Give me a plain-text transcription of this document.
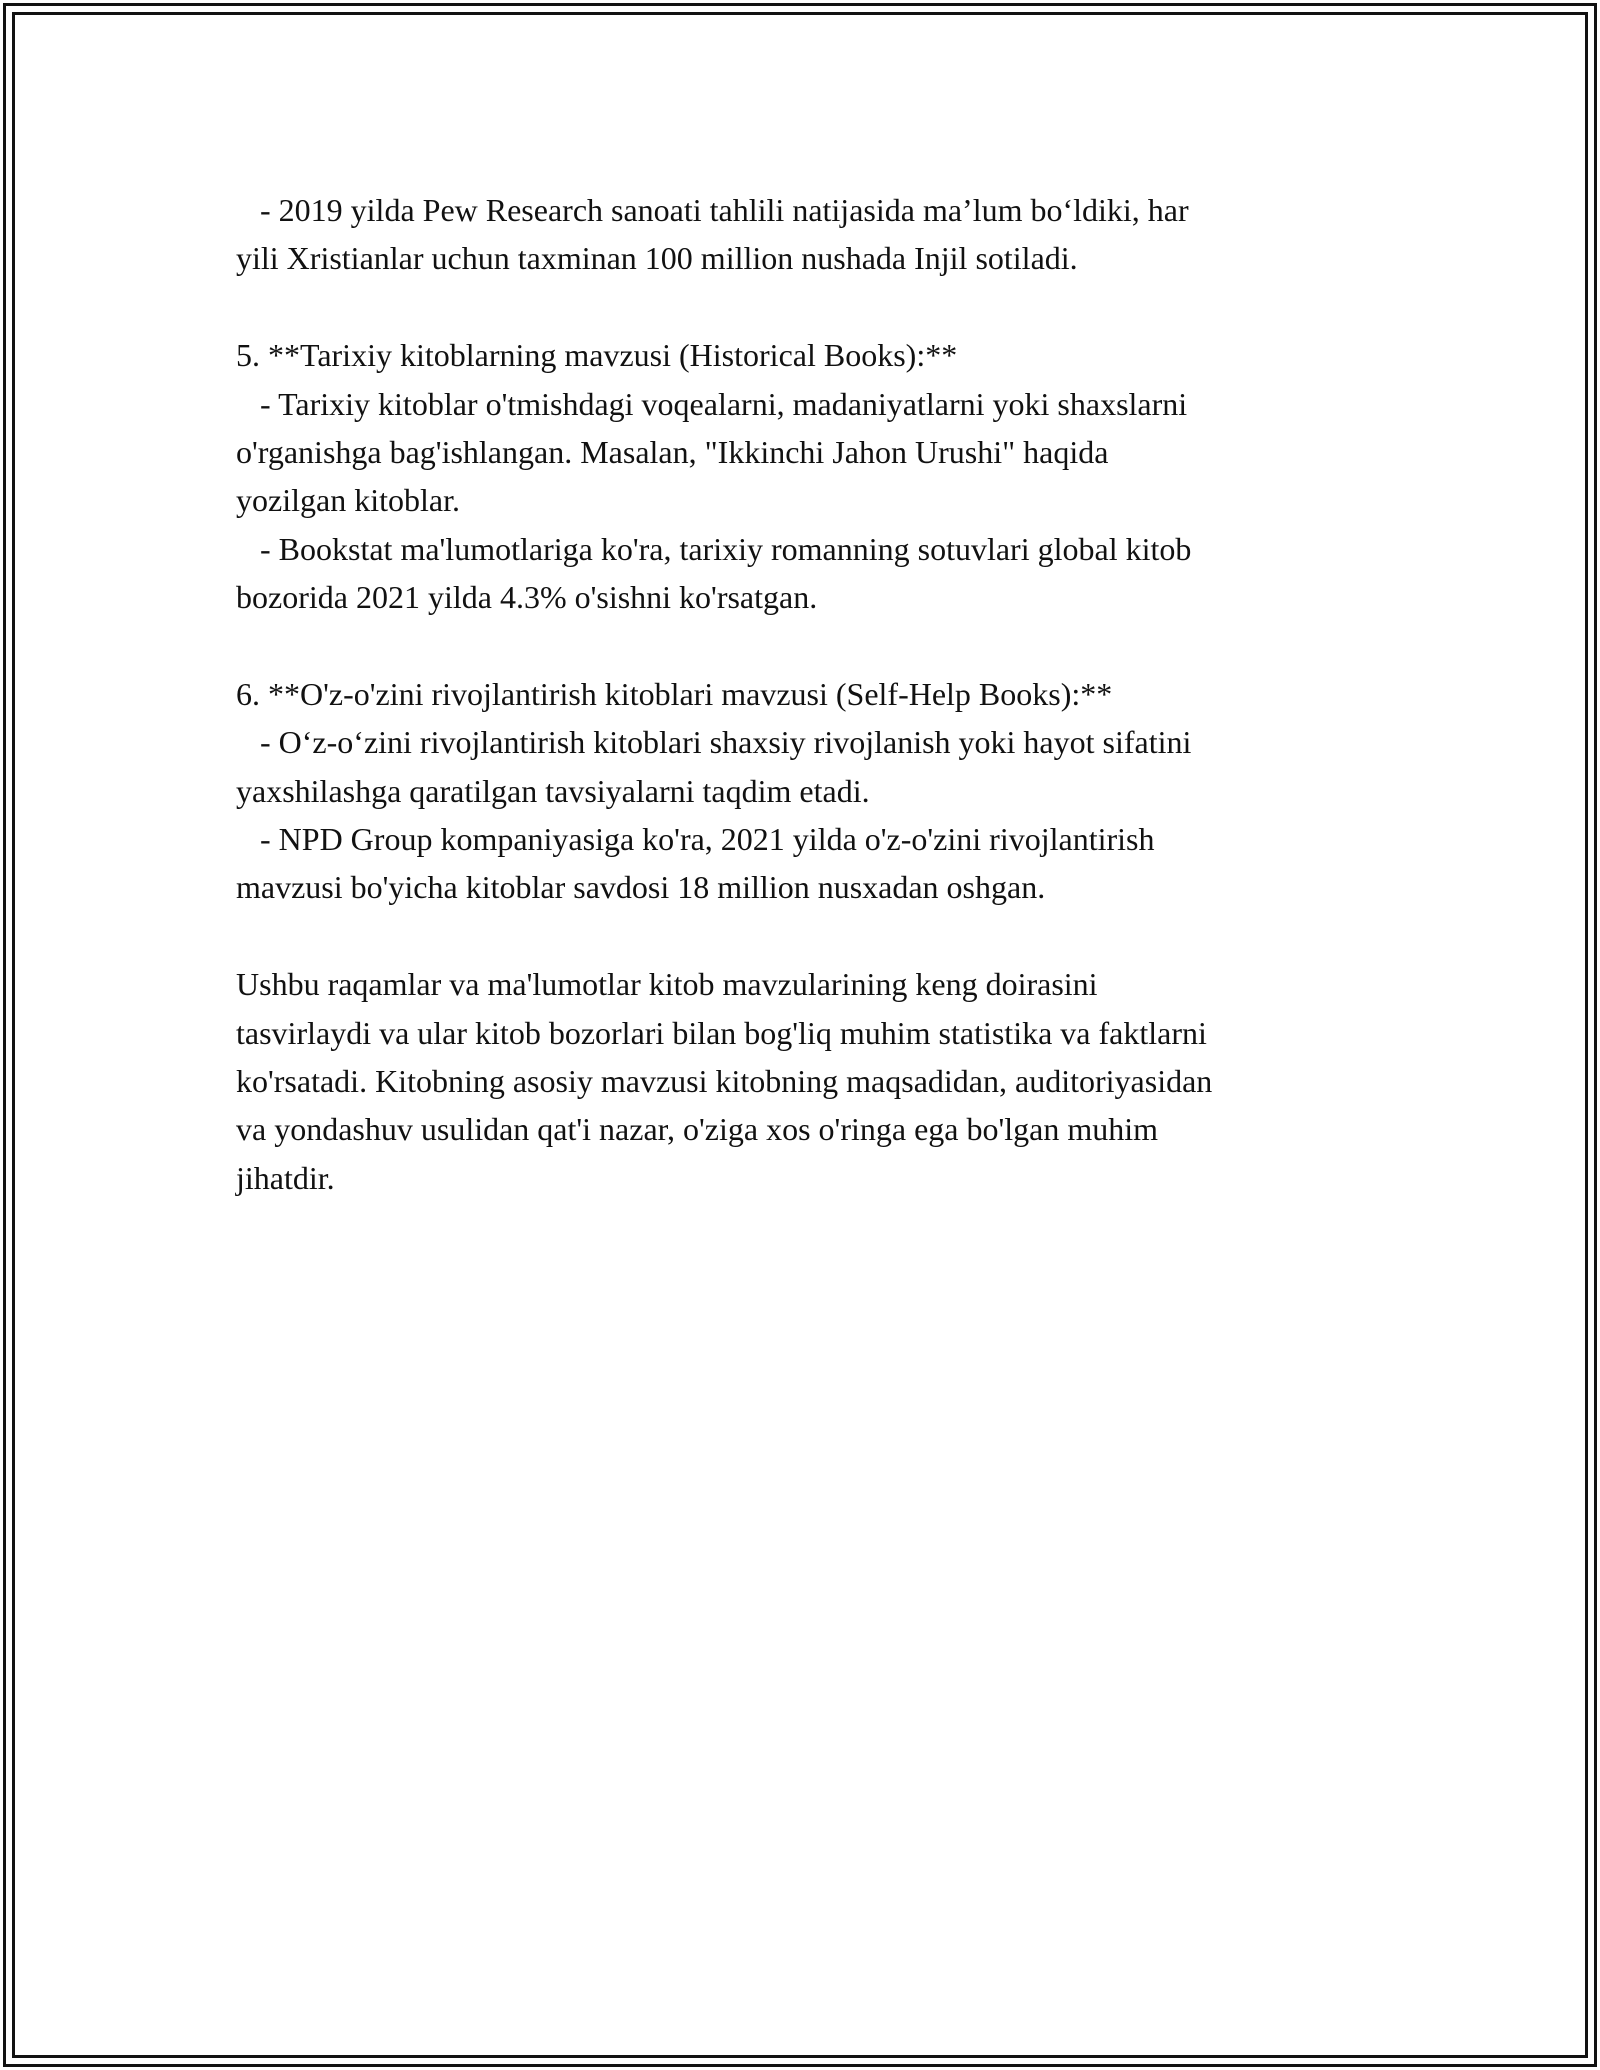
- 2019 yilda Pew Research sanoati tahlili natijasida ma’lum bo‘ldiki, har
yili Xristianlar uchun taxminan 100 million nushada Injil sotiladi.
5. **Tarixiy kitoblarning mavzusi (Historical Books):**
- Tarixiy kitoblar o'tmishdagi voqealarni, madaniyatlarni yoki shaxslarni
o'rganishga bag'ishlangan. Masalan, "Ikkinchi Jahon Urushi" haqida
yozilgan kitoblar.
- Bookstat ma'lumotlariga ko'ra, tarixiy romanning sotuvlari global kitob
bozorida 2021 yilda 4.3% o'sishni ko'rsatgan.
6. **O'z-o'zini rivojlantirish kitoblari mavzusi (Self-Help Books):**
- O‘z-o‘zini rivojlantirish kitoblari shaxsiy rivojlanish yoki hayot sifatini
yaxshilashga qaratilgan tavsiyalarni taqdim etadi.
- NPD Group kompaniyasiga ko'ra, 2021 yilda o'z-o'zini rivojlantirish
mavzusi bo'yicha kitoblar savdosi 18 million nusxadan oshgan.
Ushbu raqamlar va ma'lumotlar kitob mavzularining keng doirasini
tasvirlaydi va ular kitob bozorlari bilan bog'liq muhim statistika va faktlarni
ko'rsatadi. Kitobning asosiy mavzusi kitobning maqsadidan, auditoriyasidan
va yondashuv usulidan qat'i nazar, o'ziga xos o'ringa ega bo'lgan muhim
jihatdir.
